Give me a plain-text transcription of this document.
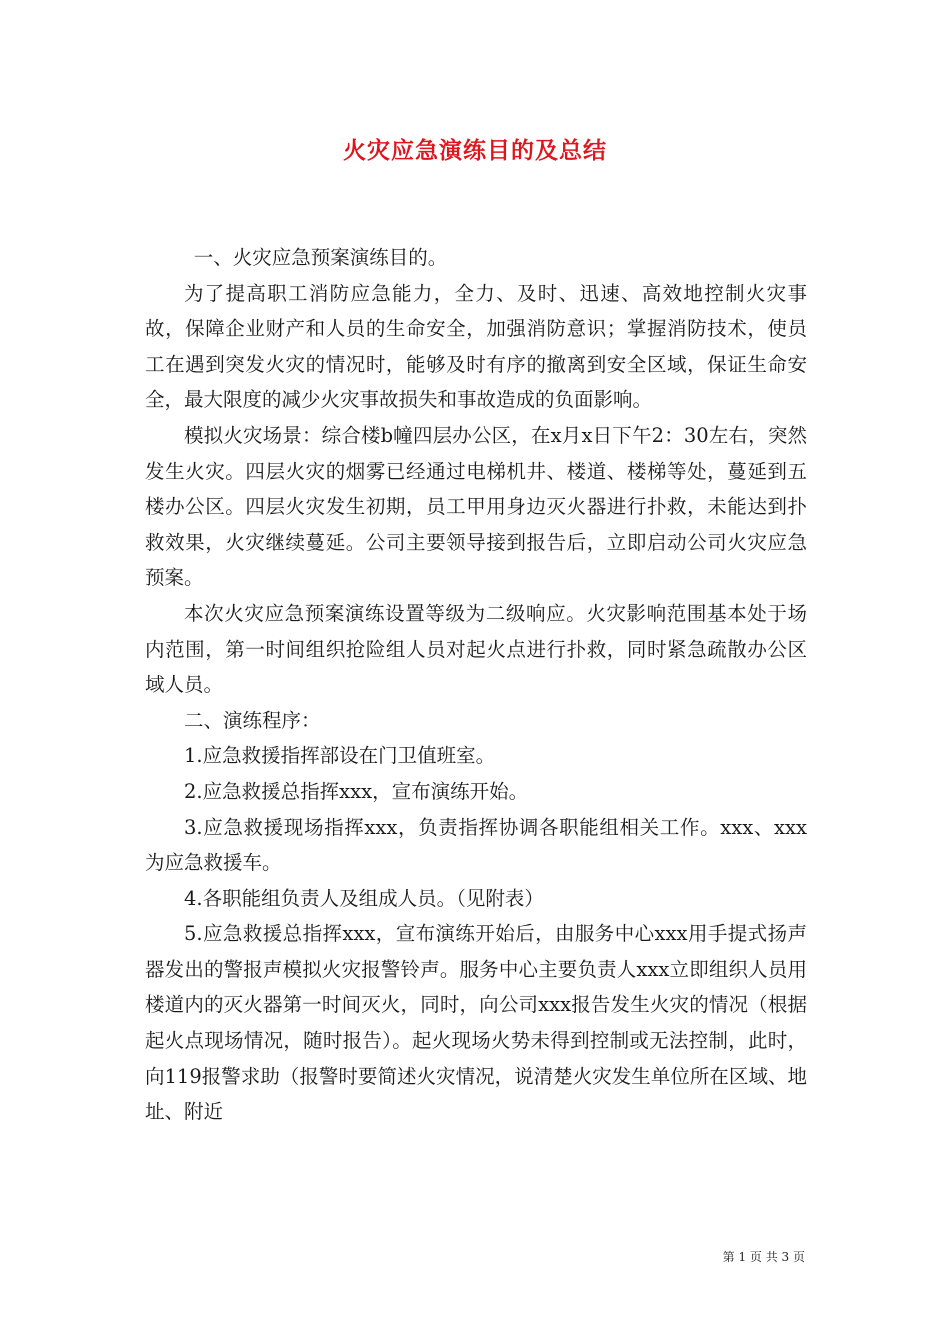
火灾应急演练目的及总结

一、火灾应急预案演练目的。

为了提高职工消防应急能力，全力、及时、迅速、高效地控制火灾事故，保障企业财产和人员的生命安全，加强消防意识；掌握消防技术，使员工在遇到突发火灾的情况时，能够及时有序的撤离到安全区域，保证生命安全，最大限度的减少火灾事故损失和事故造成的负面影响。

模拟火灾场景：综合楼b幢四层办公区，在x月x日下午2：30左右，突然发生火灾。四层火灾的烟雾已经通过电梯机井、楼道、楼梯等处，蔓延到五楼办公区。四层火灾发生初期，员工甲用身边灭火器进行扑救，未能达到扑救效果，火灾继续蔓延。公司主要领导接到报告后，立即启动公司火灾应急预案。

本次火灾应急预案演练设置等级为二级响应。火灾影响范围基本处于场内范围，第一时间组织抢险组人员对起火点进行扑救，同时紧急疏散办公区域人员。

二、演练程序：

1.应急救援指挥部设在门卫值班室。

2.应急救援总指挥xxx，宣布演练开始。

3.应急救援现场指挥xxx，负责指挥协调各职能组相关工作。xxx、xxx为应急救援车。

4.各职能组负责人及组成人员。（见附表）

5.应急救援总指挥xxx，宣布演练开始后，由服务中心xxx用手提式扬声器发出的警报声模拟火灾报警铃声。服务中心主要负责人xxx立即组织人员用楼道内的灭火器第一时间灭火，同时，向公司xxx报告发生火灾的情况（根据起火点现场情况，随时报告）。起火现场火势未得到控制或无法控制，此时，向119报警求助（报警时要简述火灾情况，说清楚火灾发生单位所在区域、地址、附近

第 1 页 共 3 页
